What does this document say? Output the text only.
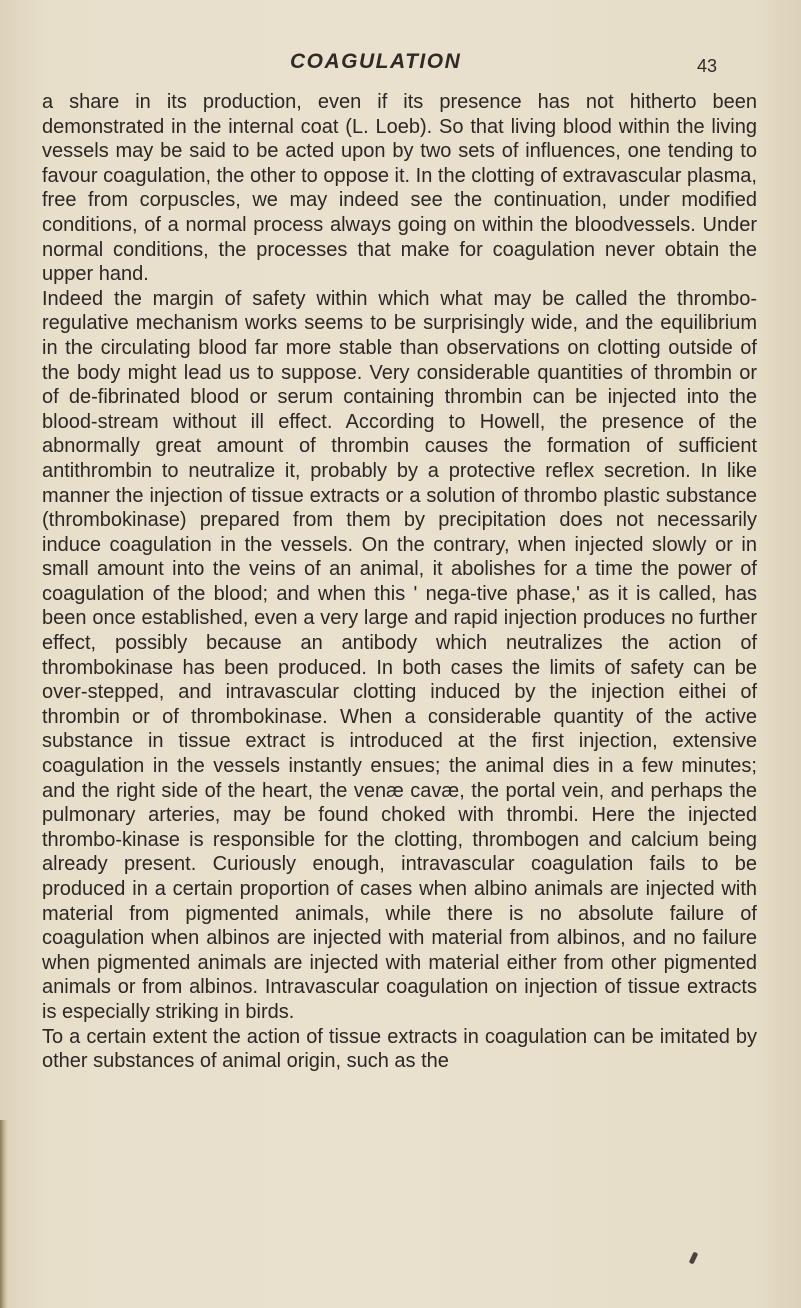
COAGULATION	43

a share in its production, even if its presence has not hitherto been demonstrated in the internal coat (L. Loeb). So that living blood within the living vessels may be said to be acted upon by two sets of influences, one tending to favour coagulation, the other to oppose it. In the clotting of extravascular plasma, free from corpuscles, we may indeed see the continuation, under modified conditions, of a normal process always going on within the bloodvessels. Under normal conditions, the processes that make for coagulation never obtain the upper hand.

Indeed the margin of safety within which what may be called the thrombo-regulative mechanism works seems to be surprisingly wide, and the equilibrium in the circulating blood far more stable than observations on clotting outside of the body might lead us to suppose. Very considerable quantities of thrombin or of de-fibrinated blood or serum containing thrombin can be injected into the blood-stream without ill effect. According to Howell, the presence of the abnormally great amount of thrombin causes the formation of sufficient antithrombin to neutralize it, probably by a protective reflex secretion. In like manner the injection of tissue extracts or a solution of thrombo plastic substance (thrombokinase) prepared from them by precipitation does not necessarily induce coagulation in the vessels. On the contrary, when injected slowly or in small amount into the veins of an animal, it abolishes for a time the power of coagulation of the blood; and when this ' nega-tive phase,' as it is called, has been once established, even a very large and rapid injection produces no further effect, possibly because an antibody which neutralizes the action of thrombokinase has been produced. In both cases the limits of safety can be over-stepped, and intravascular clotting induced by the injection eithei of thrombin or of thrombokinase. When a considerable quantity of the active substance in tissue extract is introduced at the first injection, extensive coagulation in the vessels instantly ensues; the animal dies in a few minutes; and the right side of the heart, the venæ cavæ, the portal vein, and perhaps the pulmonary arteries, may be found choked with thrombi. Here the injected thrombo-kinase is responsible for the clotting, thrombogen and calcium being already present. Curiously enough, intravascular coagulation fails to be produced in a certain proportion of cases when albino animals are injected with material from pigmented animals, while there is no absolute failure of coagulation when albinos are injected with material from albinos, and no failure when pigmented animals are injected with material either from other pigmented animals or from albinos. Intravascular coagulation on injection of tissue extracts is especially striking in birds.

To a certain extent the action of tissue extracts in coagulation can be imitated by other substances of animal origin, such as the
